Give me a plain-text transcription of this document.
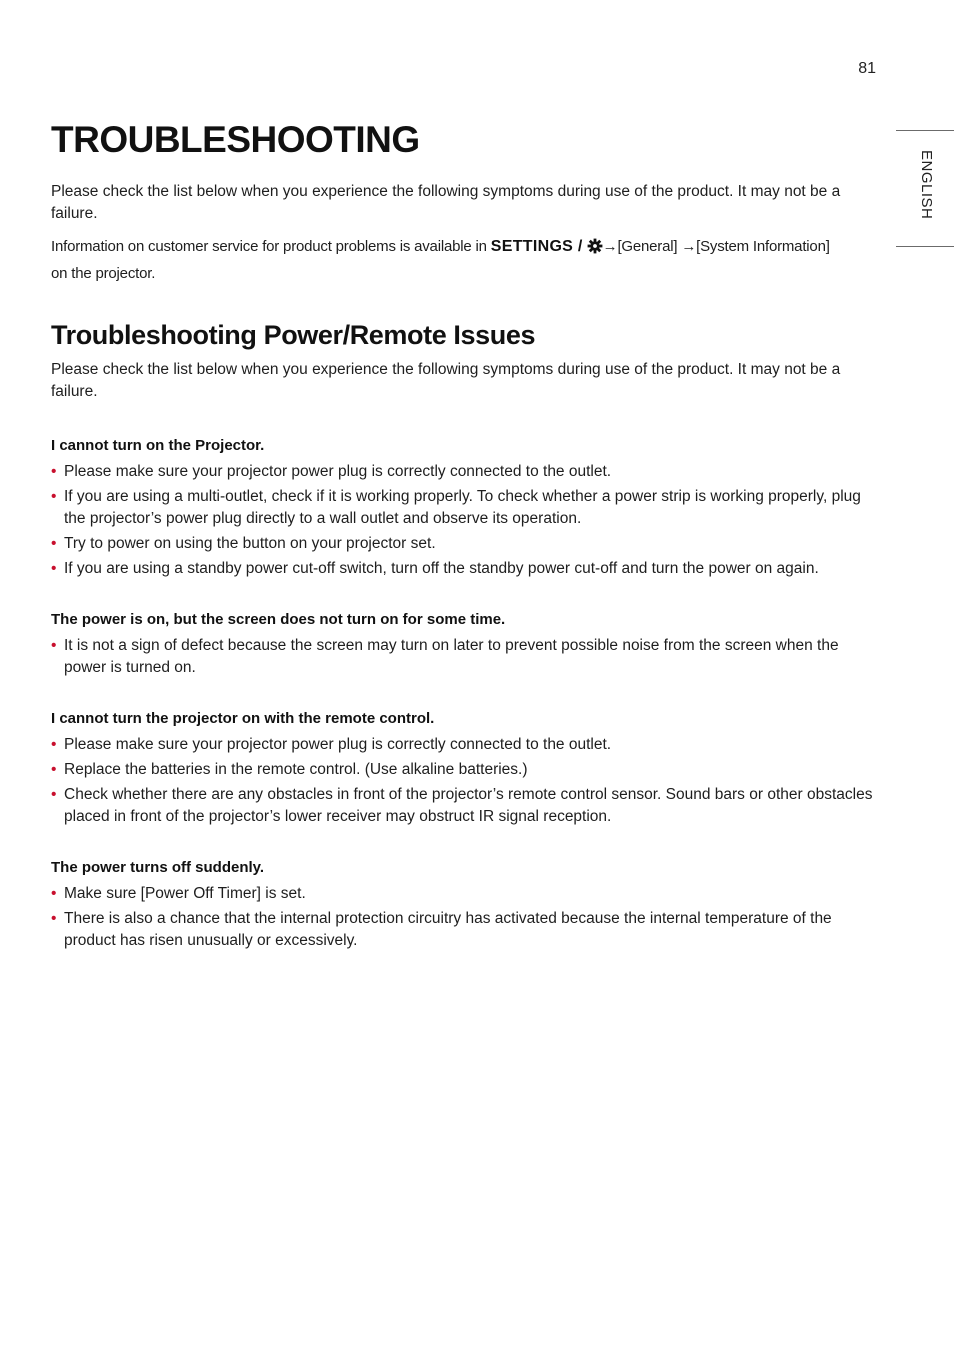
81
ENGLISH
TROUBLESHOOTING

Please check the list below when you experience the following symptoms during use of the product. It may not be a failure.

Information on customer service for product problems is available in SETTINGS / →[General] →[System Information]
on the projector.

Troubleshooting Power/Remote Issues

Please check the list below when you experience the following symptoms during use of the product. It may not be a failure.

I cannot turn on the Projector.
• Please make sure your projector power plug is correctly connected to the outlet.
• If you are using a multi-outlet, check if it is working properly. To check whether a power strip is working properly, plug the projector’s power plug directly to a wall outlet and observe its operation.
• Try to power on using the button on your projector set.
• If you are using a standby power cut-off switch, turn off the standby power cut-off and turn the power on again.
The power is on, but the screen does not turn on for some time.
• It is not a sign of defect because the screen may turn on later to prevent possible noise from the screen when the power is turned on.
I cannot turn the projector on with the remote control.
• Please make sure your projector power plug is correctly connected to the outlet.
• Replace the batteries in the remote control. (Use alkaline batteries.)
• Check whether there are any obstacles in front of the projector’s remote control sensor. Sound bars or other obstacles placed in front of the projector’s lower receiver may obstruct IR signal reception.
The power turns off suddenly.
• Make sure [Power Off Timer] is set.
• There is also a chance that the internal protection circuitry has activated because the internal temperature of the product has risen unusually or excessively.
